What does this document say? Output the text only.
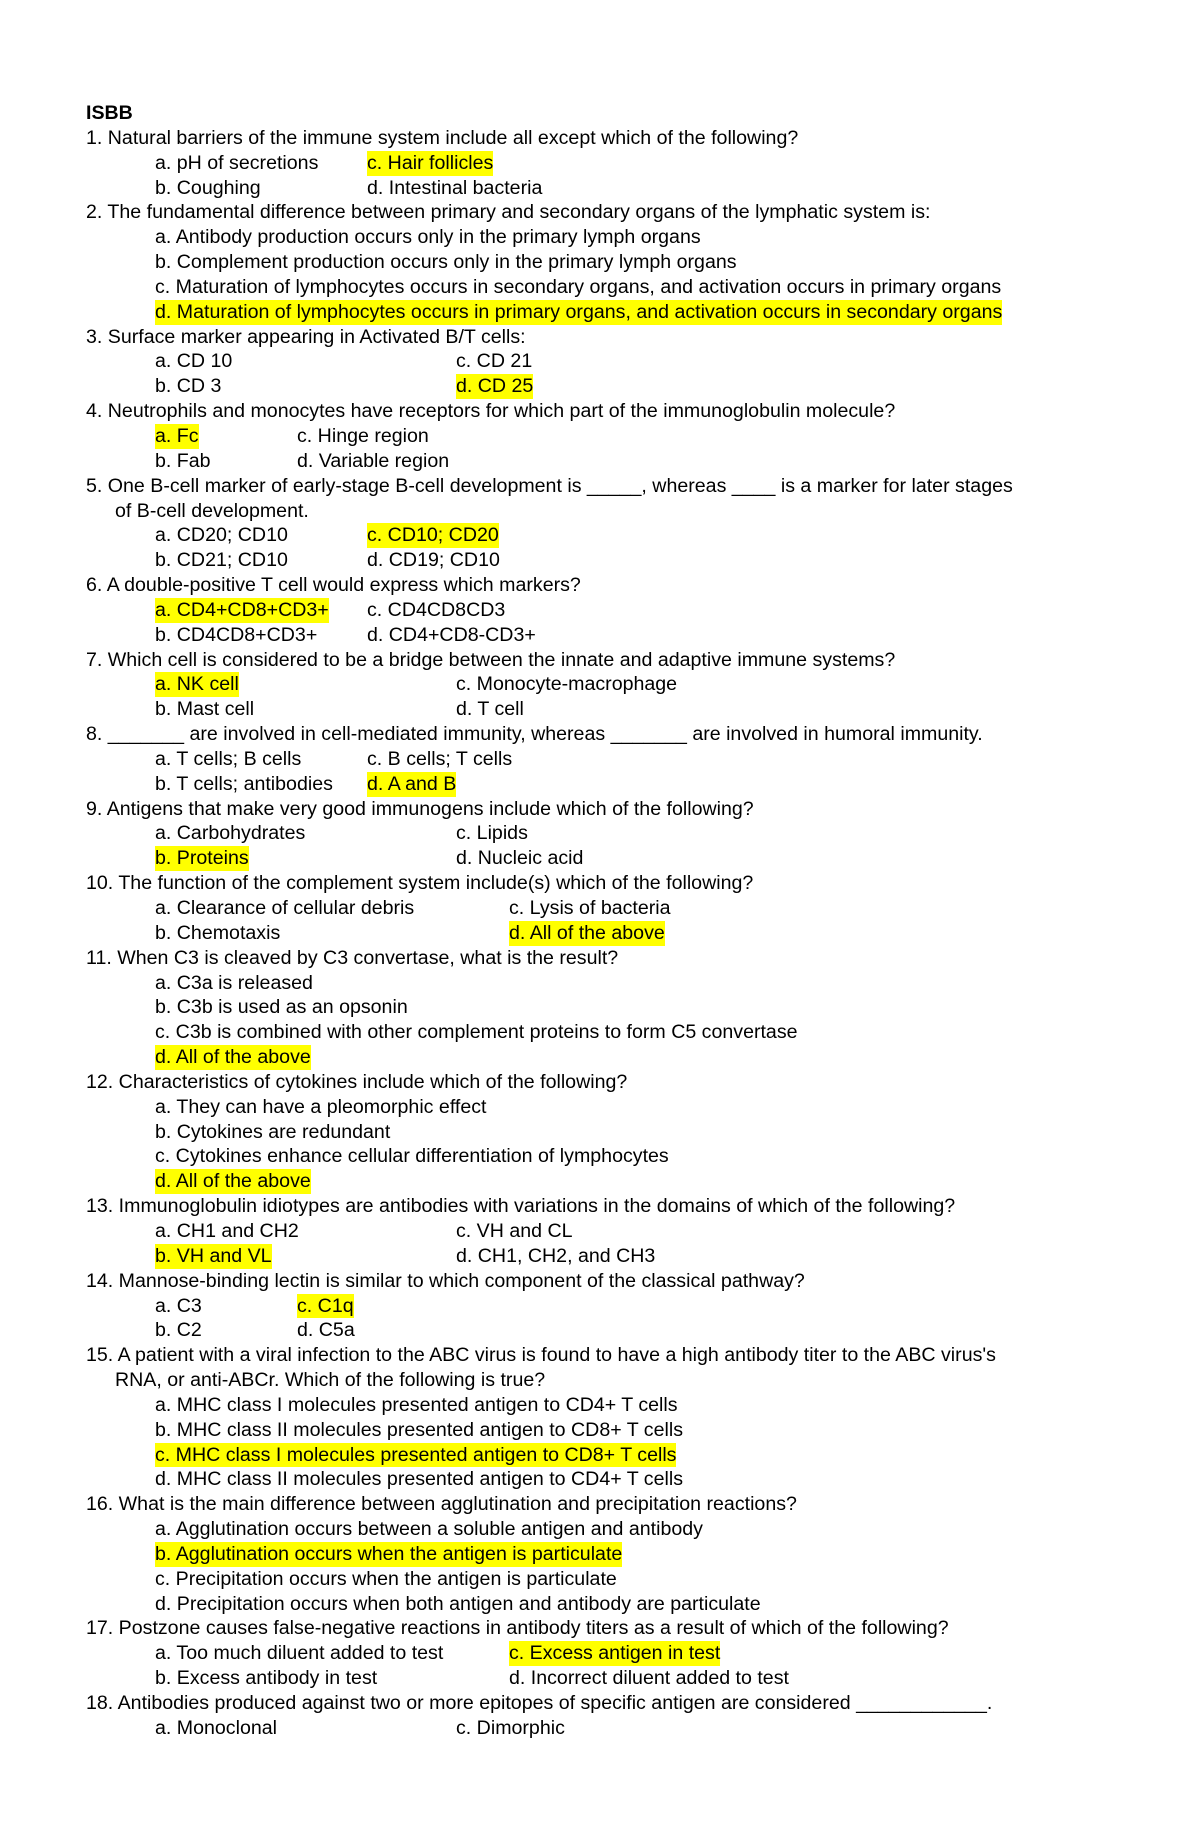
ISBB
1. Natural barriers of the immune system include all except which of the following?
a. pH of secretions c. Hair follicles
b. Coughing	d. Intestinal bacteria
2. The fundamental difference between primary and secondary organs of the lymphatic system is:
a. Antibody production occurs only in the primary lymph organs
b. Complement production occurs only in the primary lymph organs
c. Maturation of lymphocytes occurs in secondary organs, and activation occurs in primary organs
d. Maturation of lymphocytes occurs in primary organs, and activation occurs in secondary organs
3. Surface marker appearing in Activated B/T cells:
a. CD 10	c. CD 21
b. CD 3	d. CD 25
4. Neutrophils and monocytes have receptors for which part of the immunoglobulin molecule?
a. Fc	c. Hinge region
b. Fab	d. Variable region
5. One B-cell marker of early-stage B-cell development is _____, whereas ____ is a marker for later stages
of B-cell development.
a. CD20; CD10	c. CD10; CD20
b. CD21; CD10	d. CD19; CD10
6. A double-positive T cell would express which markers?
a. CD4+CD8+CD3+ c. CD4CD8CD3
b. CD4CD8+CD3+	d. CD4+CD8-CD3+
7. Which cell is considered to be a bridge between the innate and adaptive immune systems?
a. NK cell	c. Monocyte-macrophage
b. Mast cell	d. T cell
8. _______ are involved in cell-mediated immunity, whereas _______ are involved in humoral immunity.
a. T cells; B cells	c. B cells; T cells
b. T cells; antibodies d. A and B
9. Antigens that make very good immunogens include which of the following?
a. Carbohydrates	c. Lipids
b. Proteins	d. Nucleic acid
10. The function of the complement system include(s) which of the following?
a. Clearance of cellular debris	c. Lysis of bacteria
b. Chemotaxis	d. All of the above
11. When C3 is cleaved by C3 convertase, what is the result?
a. C3a is released
b. C3b is used as an opsonin
c. C3b is combined with other complement proteins to form C5 convertase
d. All of the above
12. Characteristics of cytokines include which of the following?
a. They can have a pleomorphic effect
b. Cytokines are redundant
c. Cytokines enhance cellular differentiation of lymphocytes
d. All of the above
13. Immunoglobulin idiotypes are antibodies with variations in the domains of which of the following?
a. CH1 and CH2	c. VH and CL
b. VH and VL	d. CH1, CH2, and CH3
14. Mannose-binding lectin is similar to which component of the classical pathway?
a. C3	c. C1q
b. C2	d. C5a
15. A patient with a viral infection to the ABC virus is found to have a high antibody titer to the ABC virus's
RNA, or anti-ABCr. Which of the following is true?
a. MHC class I molecules presented antigen to CD4+ T cells
b. MHC class II molecules presented antigen to CD8+ T cells
c. MHC class I molecules presented antigen to CD8+ T cells
d. MHC class II molecules presented antigen to CD4+ T cells
16. What is the main difference between agglutination and precipitation reactions?
a. Agglutination occurs between a soluble antigen and antibody
b. Agglutination occurs when the antigen is particulate
c. Precipitation occurs when the antigen is particulate
d. Precipitation occurs when both antigen and antibody are particulate
17. Postzone causes false-negative reactions in antibody titers as a result of which of the following?
a. Too much diluent added to test	c. Excess antigen in test
b. Excess antibody in test	d. Incorrect diluent added to test
18. Antibodies produced against two or more epitopes of specific antigen are considered ____________.
a. Monoclonal	c. Dimorphic
